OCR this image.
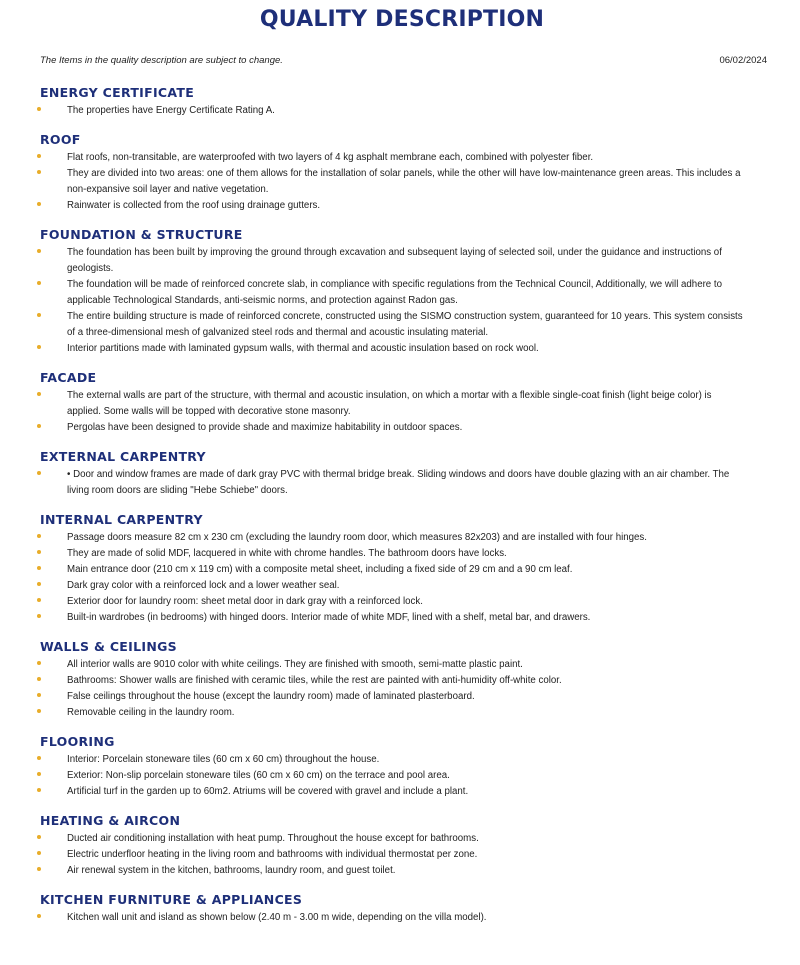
QUALITY DESCRIPTION
The Items in the quality description are subject to change.	06/02/2024
ENERGY CERTIFICATE
The properties have Energy Certificate Rating A.
ROOF
Flat roofs, non-transitable, are waterproofed with two layers of 4 kg asphalt membrane each, combined with polyester fiber.
They are divided into two areas: one of them allows for the installation of solar panels, while the other will have low-maintenance green areas. This includes a non-expansive soil layer and native vegetation.
Rainwater is collected from the roof using drainage gutters.
FOUNDATION & STRUCTURE
The foundation has been built by improving the ground through excavation and subsequent laying of selected soil, under the guidance and instructions of geologists.
The foundation will be made of reinforced concrete slab, in compliance with specific regulations from the Technical Council, Additionally, we will adhere to applicable Technological Standards, anti-seismic norms, and protection against Radon gas.
The entire building structure is made of reinforced concrete, constructed using the SISMO construction system, guaranteed for 10 years. This system consists of a three-dimensional mesh of galvanized steel rods and thermal and acoustic insulating material.
Interior partitions made with laminated gypsum walls, with thermal and acoustic insulation based on rock wool.
FACADE
The external walls are part of the structure, with thermal and acoustic insulation, on which a mortar with a flexible single-coat finish (light beige color) is applied. Some walls will be topped with decorative stone masonry.
Pergolas have been designed to provide shade and maximize habitability in outdoor spaces.
EXTERNAL CARPENTRY
• Door and window frames are made of dark gray PVC with thermal bridge break. Sliding windows and doors have double glazing with an air chamber. The living room doors are sliding "Hebe Schiebe" doors.
INTERNAL CARPENTRY
Passage doors measure 82 cm x 230 cm (excluding the laundry room door, which measures 82x203) and are installed with four hinges.
They are made of solid MDF, lacquered in white with chrome handles. The bathroom doors have locks.
Main entrance door (210 cm x 119 cm) with a composite metal sheet, including a fixed side of 29 cm and a 90 cm leaf.
Dark gray color with a reinforced lock and a lower weather seal.
Exterior door for laundry room: sheet metal door in dark gray with a reinforced lock.
Built-in wardrobes (in bedrooms) with hinged doors. Interior made of white MDF, lined with a shelf, metal bar, and drawers.
WALLS & CEILINGS
All interior walls are 9010 color with white ceilings. They are finished with smooth, semi-matte plastic paint.
Bathrooms: Shower walls are finished with ceramic tiles, while the rest are painted with anti-humidity off-white color.
False ceilings throughout the house (except the laundry room) made of laminated plasterboard.
Removable ceiling in the laundry room.
FLOORING
Interior: Porcelain stoneware tiles (60 cm x 60 cm) throughout the house.
Exterior: Non-slip porcelain stoneware tiles (60 cm x 60 cm) on the terrace and pool area.
Artificial turf in the garden up to 60m2. Atriums will be covered with gravel and include a plant.
HEATING & AIRCON
Ducted air conditioning installation with heat pump. Throughout the house except for bathrooms.
Electric underfloor heating in the living room and bathrooms with individual thermostat per zone.
Air renewal system in the kitchen, bathrooms, laundry room, and guest toilet.
KITCHEN FURNITURE & APPLIANCES
Kitchen wall unit and island as shown below (2.40 m - 3.00 m wide, depending on the villa model).
